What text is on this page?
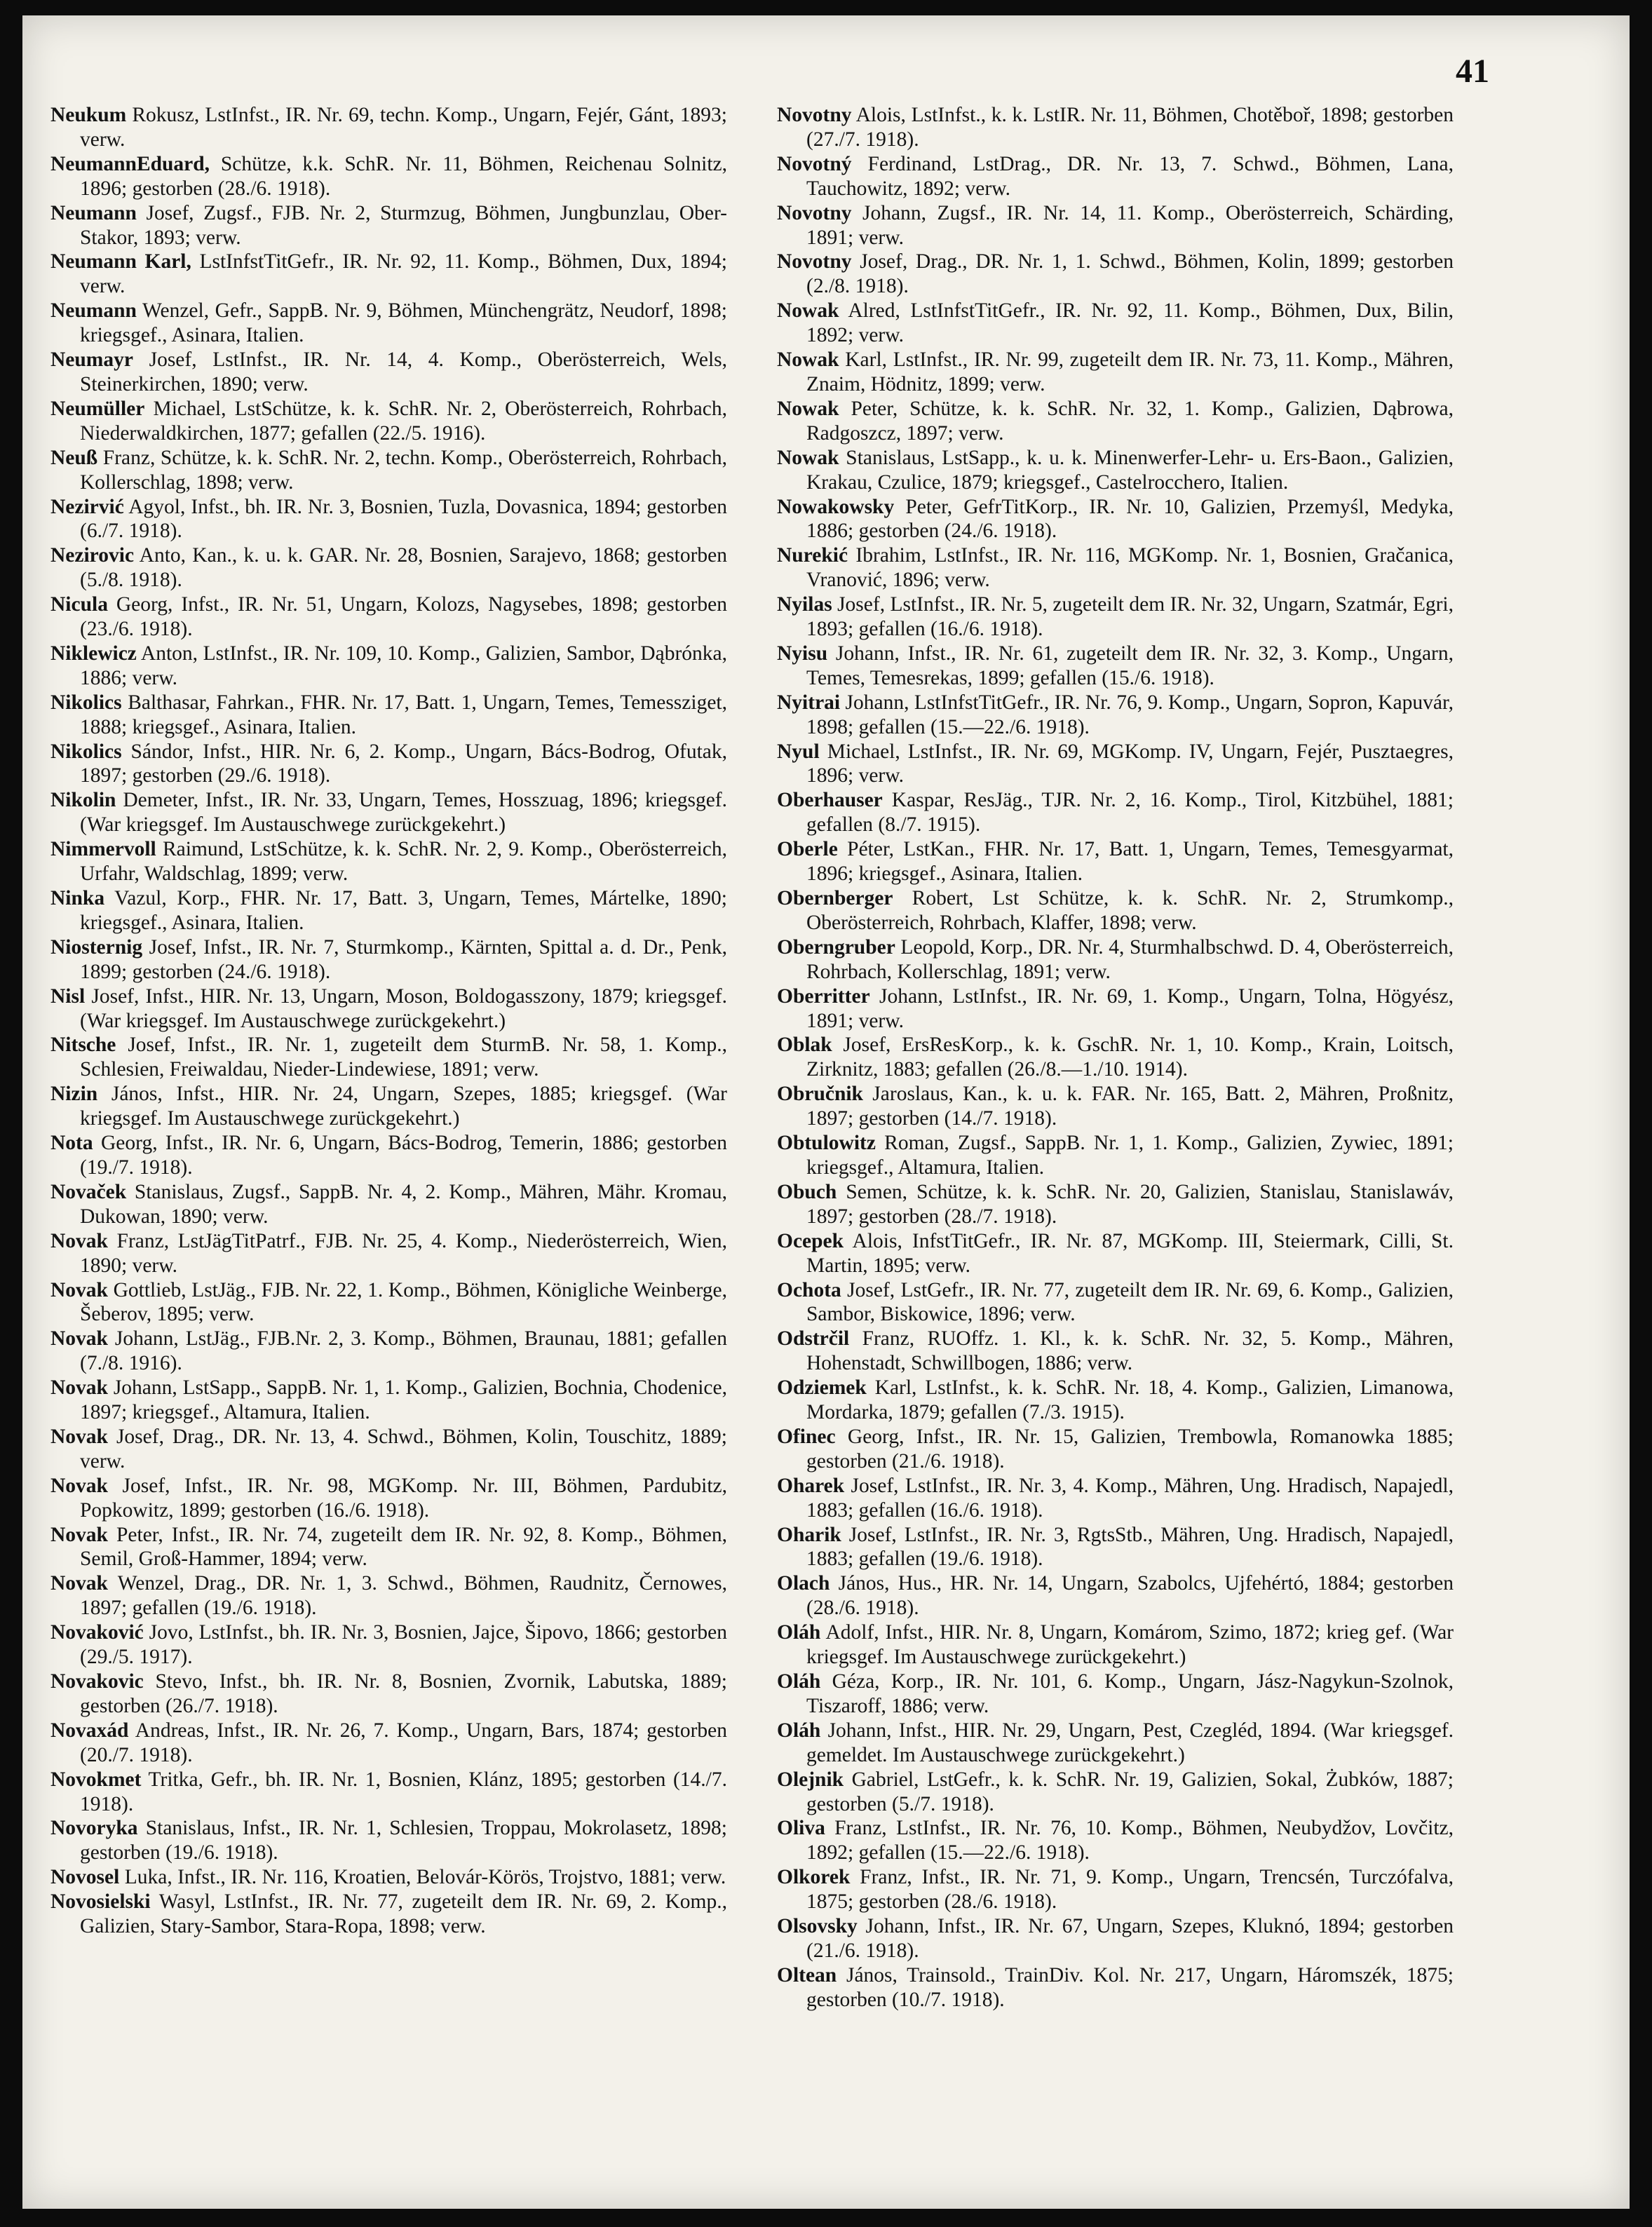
41

Neukum Rokusz, LstInfst., IR. Nr. 69, techn. Komp., Ungarn, Fejér, Gánt, 1893; verw.

NeumannEduard, Schütze, k.k. SchR. Nr. 11, Böhmen, Reichenau Solnitz, 1896; gestorben (28./6. 1918).

Neumann Josef, Zugsf., FJB. Nr. 2, Sturmzug, Böhmen, Jungbunzlau, Ober-Stakor, 1893; verw.

Neumann Karl, LstInfstTitGefr., IR. Nr. 92, 11. Komp., Böhmen, Dux, 1894; verw.

Neumann Wenzel, Gefr., SappB. Nr. 9, Böhmen, Münchengrätz, Neudorf, 1898; kriegsgef., Asinara, Italien.

Neumayr Josef, LstInfst., IR. Nr. 14, 4. Komp., Oberösterreich, Wels, Steinerkirchen, 1890; verw.

Neumüller Michael, LstSchütze, k. k. SchR. Nr. 2, Oberösterreich, Rohrbach, Niederwaldkirchen, 1877; gefallen (22./5. 1916).

Neuß Franz, Schütze, k. k. SchR. Nr. 2, techn. Komp., Oberösterreich, Rohrbach, Kollerschlag, 1898; verw.

Nezirvić Agyol, Infst., bh. IR. Nr. 3, Bosnien, Tuzla, Dovasnica, 1894; gestorben (6./7. 1918).

Nezirovic Anto, Kan., k. u. k. GAR. Nr. 28, Bosnien, Sarajevo, 1868; gestorben (5./8. 1918).

Nicula Georg, Infst., IR. Nr. 51, Ungarn, Kolozs, Nagysebes, 1898; gestorben (23./6. 1918).

Niklewicz Anton, LstInfst., IR. Nr. 109, 10. Komp., Galizien, Sambor, Dąbrónka, 1886; verw.

Nikolics Balthasar, Fahrkan., FHR. Nr. 17, Batt. 1, Ungarn, Temes, Temessziget, 1888; kriegsgef., Asinara, Italien.

Nikolics Sándor, Infst., HIR. Nr. 6, 2. Komp., Ungarn, Bács-Bodrog, Ofutak, 1897; gestorben (29./6. 1918).

Nikolin Demeter, Infst., IR. Nr. 33, Ungarn, Temes, Hosszuag, 1896; kriegsgef. (War kriegsgef. Im Austauschwege zurückgekehrt.)

Nimmervoll Raimund, LstSchütze, k. k. SchR. Nr. 2, 9. Komp., Oberösterreich, Urfahr, Waldschlag, 1899; verw.

Ninka Vazul, Korp., FHR. Nr. 17, Batt. 3, Ungarn, Temes, Mártelke, 1890; kriegsgef., Asinara, Italien.

Niosternig Josef, Infst., IR. Nr. 7, Sturmkomp., Kärnten, Spittal a. d. Dr., Penk, 1899; gestorben (24./6. 1918).

Nisl Josef, Infst., HIR. Nr. 13, Ungarn, Moson, Boldogasszony, 1879; kriegsgef. (War kriegsgef. Im Austauschwege zurückgekehrt.)

Nitsche Josef, Infst., IR. Nr. 1, zugeteilt dem SturmB. Nr. 58, 1. Komp., Schlesien, Freiwaldau, Nieder-Lindewiese, 1891; verw.

Nizin János, Infst., HIR. Nr. 24, Ungarn, Szepes, 1885; kriegsgef. (War kriegsgef. Im Austauschwege zurückgekehrt.)

Nota Georg, Infst., IR. Nr. 6, Ungarn, Bács-Bodrog, Temerin, 1886; gestorben (19./7. 1918).

Novaček Stanislaus, Zugsf., SappB. Nr. 4, 2. Komp., Mähren, Mähr. Kromau, Dukowan, 1890; verw.

Novak Franz, LstJägTitPatrf., FJB. Nr. 25, 4. Komp., Niederösterreich, Wien, 1890; verw.

Novak Gottlieb, LstJäg., FJB. Nr. 22, 1. Komp., Böhmen, Königliche Weinberge, Šeberov, 1895; verw.

Novak Johann, LstJäg., FJB.Nr. 2, 3. Komp., Böhmen, Braunau, 1881; gefallen (7./8. 1916).

Novak Johann, LstSapp., SappB. Nr. 1, 1. Komp., Galizien, Bochnia, Chodenice, 1897; kriegsgef., Altamura, Italien.

Novak Josef, Drag., DR. Nr. 13, 4. Schwd., Böhmen, Kolin, Touschitz, 1889; verw.

Novak Josef, Infst., IR. Nr. 98, MGKomp. Nr. III, Böhmen, Pardubitz, Popkowitz, 1899; gestorben (16./6. 1918).

Novak Peter, Infst., IR. Nr. 74, zugeteilt dem IR. Nr. 92, 8. Komp., Böhmen, Semil, Groß-Hammer, 1894; verw.

Novak Wenzel, Drag., DR. Nr. 1, 3. Schwd., Böhmen, Raudnitz, Černowes, 1897; gefallen (19./6. 1918).

Novaković Jovo, LstInfst., bh. IR. Nr. 3, Bosnien, Jajce, Šipovo, 1866; gestorben (29./5. 1917).

Novakovic Stevo, Infst., bh. IR. Nr. 8, Bosnien, Zvornik, Labutska, 1889; gestorben (26./7. 1918).

Novaxád Andreas, Infst., IR. Nr. 26, 7. Komp., Ungarn, Bars, 1874; gestorben (20./7. 1918).

Novokmet Tritka, Gefr., bh. IR. Nr. 1, Bosnien, Klánz, 1895; gestorben (14./7. 1918).

Novoryka Stanislaus, Infst., IR. Nr. 1, Schlesien, Troppau, Mokrolasetz, 1898; gestorben (19./6. 1918).

Novosel Luka, Infst., IR. Nr. 116, Kroatien, Belovár-Körös, Trojstvo, 1881; verw.

Novosielski Wasyl, LstInfst., IR. Nr. 77, zugeteilt dem IR. Nr. 69, 2. Komp., Galizien, Stary-Sambor, Stara-Ropa, 1898; verw.

Novotny Alois, LstInfst., k. k. LstIR. Nr. 11, Böhmen, Chotěboř, 1898; gestorben (27./7. 1918).

Novotný Ferdinand, LstDrag., DR. Nr. 13, 7. Schwd., Böhmen, Lana, Tauchowitz, 1892; verw.

Novotny Johann, Zugsf., IR. Nr. 14, 11. Komp., Oberösterreich, Schärding, 1891; verw.

Novotny Josef, Drag., DR. Nr. 1, 1. Schwd., Böhmen, Kolin, 1899; gestorben (2./8. 1918).

Nowak Alred, LstInfstTitGefr., IR. Nr. 92, 11. Komp., Böhmen, Dux, Bilin, 1892; verw.

Nowak Karl, LstInfst., IR. Nr. 99, zugeteilt dem IR. Nr. 73, 11. Komp., Mähren, Znaim, Hödnitz, 1899; verw.

Nowak Peter, Schütze, k. k. SchR. Nr. 32, 1. Komp., Galizien, Dąbrowa, Radgoszcz, 1897; verw.

Nowak Stanislaus, LstSapp., k. u. k. Minenwerfer-Lehr- u. Ers-Baon., Galizien, Krakau, Czulice, 1879; kriegsgef., Castelrocchero, Italien.

Nowakowsky Peter, GefrTitKorp., IR. Nr. 10, Galizien, Przemyśl, Medyka, 1886; gestorben (24./6. 1918).

Nurekić Ibrahim, LstInfst., IR. Nr. 116, MGKomp. Nr. 1, Bosnien, Gračanica, Vranović, 1896; verw.

Nyilas Josef, LstInfst., IR. Nr. 5, zugeteilt dem IR. Nr. 32, Ungarn, Szatmár, Egri, 1893; gefallen (16./6. 1918).

Nyisu Johann, Infst., IR. Nr. 61, zugeteilt dem IR. Nr. 32, 3. Komp., Ungarn, Temes, Temesrekas, 1899; gefallen (15./6. 1918).

Nyitrai Johann, LstInfstTitGefr., IR. Nr. 76, 9. Komp., Ungarn, Sopron, Kapuvár, 1898; gefallen (15.—22./6. 1918).

Nyul Michael, LstInfst., IR. Nr. 69, MGKomp. IV, Ungarn, Fejér, Pusztaegres, 1896; verw.

Oberhauser Kaspar, ResJäg., TJR. Nr. 2, 16. Komp., Tirol, Kitzbühel, 1881; gefallen (8./7. 1915).

Oberle Péter, LstKan., FHR. Nr. 17, Batt. 1, Ungarn, Temes, Temesgyarmat, 1896; kriegsgef., Asinara, Italien.

Obernberger Robert, Lst Schütze, k. k. SchR. Nr. 2, Strumkomp., Oberösterreich, Rohrbach, Klaffer, 1898; verw.

Oberngruber Leopold, Korp., DR. Nr. 4, Sturmhalbschwd. D. 4, Oberösterreich, Rohrbach, Kollerschlag, 1891; verw.

Oberritter Johann, LstInfst., IR. Nr. 69, 1. Komp., Ungarn, Tolna, Högyész, 1891; verw.

Oblak Josef, ErsResKorp., k. k. GschR. Nr. 1, 10. Komp., Krain, Loitsch, Zirknitz, 1883; gefallen (26./8.—1./10. 1914).

Obručnik Jaroslaus, Kan., k. u. k. FAR. Nr. 165, Batt. 2, Mähren, Proßnitz, 1897; gestorben (14./7. 1918).

Obtulowitz Roman, Zugsf., SappB. Nr. 1, 1. Komp., Galizien, Zywiec, 1891; kriegsgef., Altamura, Italien.

Obuch Semen, Schütze, k. k. SchR. Nr. 20, Galizien, Stanislau, Stanislawáv, 1897; gestorben (28./7. 1918).

Ocepek Alois, InfstTitGefr., IR. Nr. 87, MGKomp. III, Steiermark, Cilli, St. Martin, 1895; verw.

Ochota Josef, LstGefr., IR. Nr. 77, zugeteilt dem IR. Nr. 69, 6. Komp., Galizien, Sambor, Biskowice, 1896; verw.

Odstrčil Franz, RUOffz. 1. Kl., k. k. SchR. Nr. 32, 5. Komp., Mähren, Hohenstadt, Schwillbogen, 1886; verw.

Odziemek Karl, LstInfst., k. k. SchR. Nr. 18, 4. Komp., Galizien, Limanowa, Mordarka, 1879; gefallen (7./3. 1915).

Ofinec Georg, Infst., IR. Nr. 15, Galizien, Trembowla, Romanowka 1885; gestorben (21./6. 1918).

Oharek Josef, LstInfst., IR. Nr. 3, 4. Komp., Mähren, Ung. Hradisch, Napajedl, 1883; gefallen (16./6. 1918).

Oharik Josef, LstInfst., IR. Nr. 3, RgtsStb., Mähren, Ung. Hradisch, Napajedl, 1883; gefallen (19./6. 1918).

Olach János, Hus., HR. Nr. 14, Ungarn, Szabolcs, Ujfehértó, 1884; gestorben (28./6. 1918).

Oláh Adolf, Infst., HIR. Nr. 8, Ungarn, Komárom, Szimo, 1872; krieg gef. (War kriegsgef. Im Austauschwege zurückgekehrt.)

Oláh Géza, Korp., IR. Nr. 101, 6. Komp., Ungarn, Jász-Nagykun-Szolnok, Tiszaroff, 1886; verw.

Oláh Johann, Infst., HIR. Nr. 29, Ungarn, Pest, Czegléd, 1894. (War kriegsgef. gemeldet. Im Austauschwege zurückgekehrt.)

Olejnik Gabriel, LstGefr., k. k. SchR. Nr. 19, Galizien, Sokal, Żubków, 1887; gestorben (5./7. 1918).

Oliva Franz, LstInfst., IR. Nr. 76, 10. Komp., Böhmen, Neubydžov, Lovčitz, 1892; gefallen (15.—22./6. 1918).

Olkorek Franz, Infst., IR. Nr. 71, 9. Komp., Ungarn, Trencsén, Turczófalva, 1875; gestorben (28./6. 1918).

Olsovsky Johann, Infst., IR. Nr. 67, Ungarn, Szepes, Kluknó, 1894; gestorben (21./6. 1918).

Oltean János, Trainsold., TrainDiv. Kol. Nr. 217, Ungarn, Háromszék, 1875; gestorben (10./7. 1918).
